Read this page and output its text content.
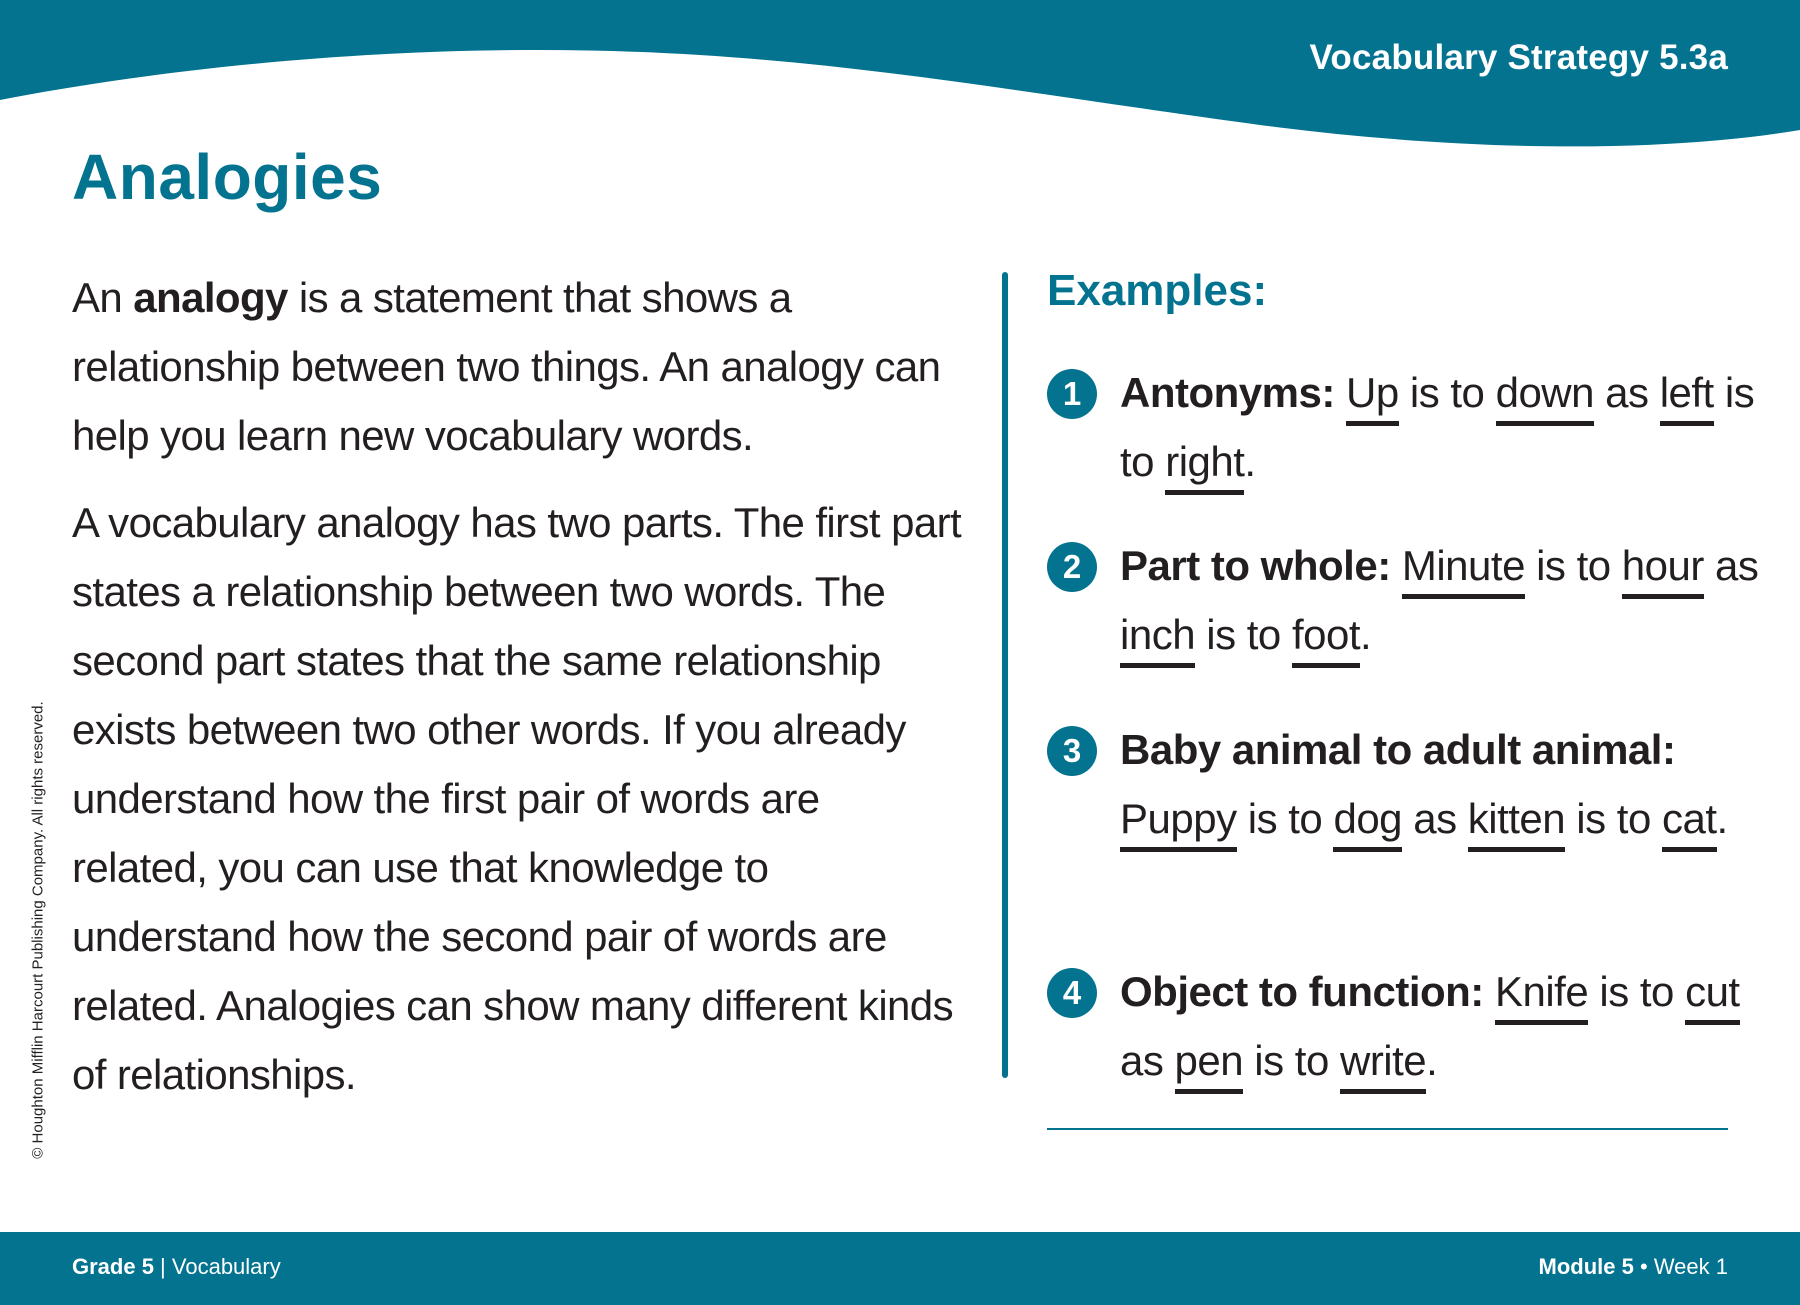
Vocabulary Strategy 5.3a
Analogies

An analogy is a statement that shows a relationship between two things. An analogy can help you learn new vocabulary words.

A vocabulary analogy has two parts. The first part states a relationship between two words. The second part states that the same relationship exists between two other words. If you already understand how the first pair of words are related, you can use that knowledge to understand how the second pair of words are related. Analogies can show many different kinds of relationships.

Examples:
1 Antonyms: Up is to down as left is to right.

2 Part to whole: Minute is to hour as inch is to foot.

3 Baby animal to adult animal: Puppy is to dog as kitten is to cat.

4 Object to function: Knife is to cut as pen is to write.

© Houghton Mifflin Harcourt Publishing Company. All rights reserved.
Grade 5 | Vocabulary	Module 5 • Week 1
